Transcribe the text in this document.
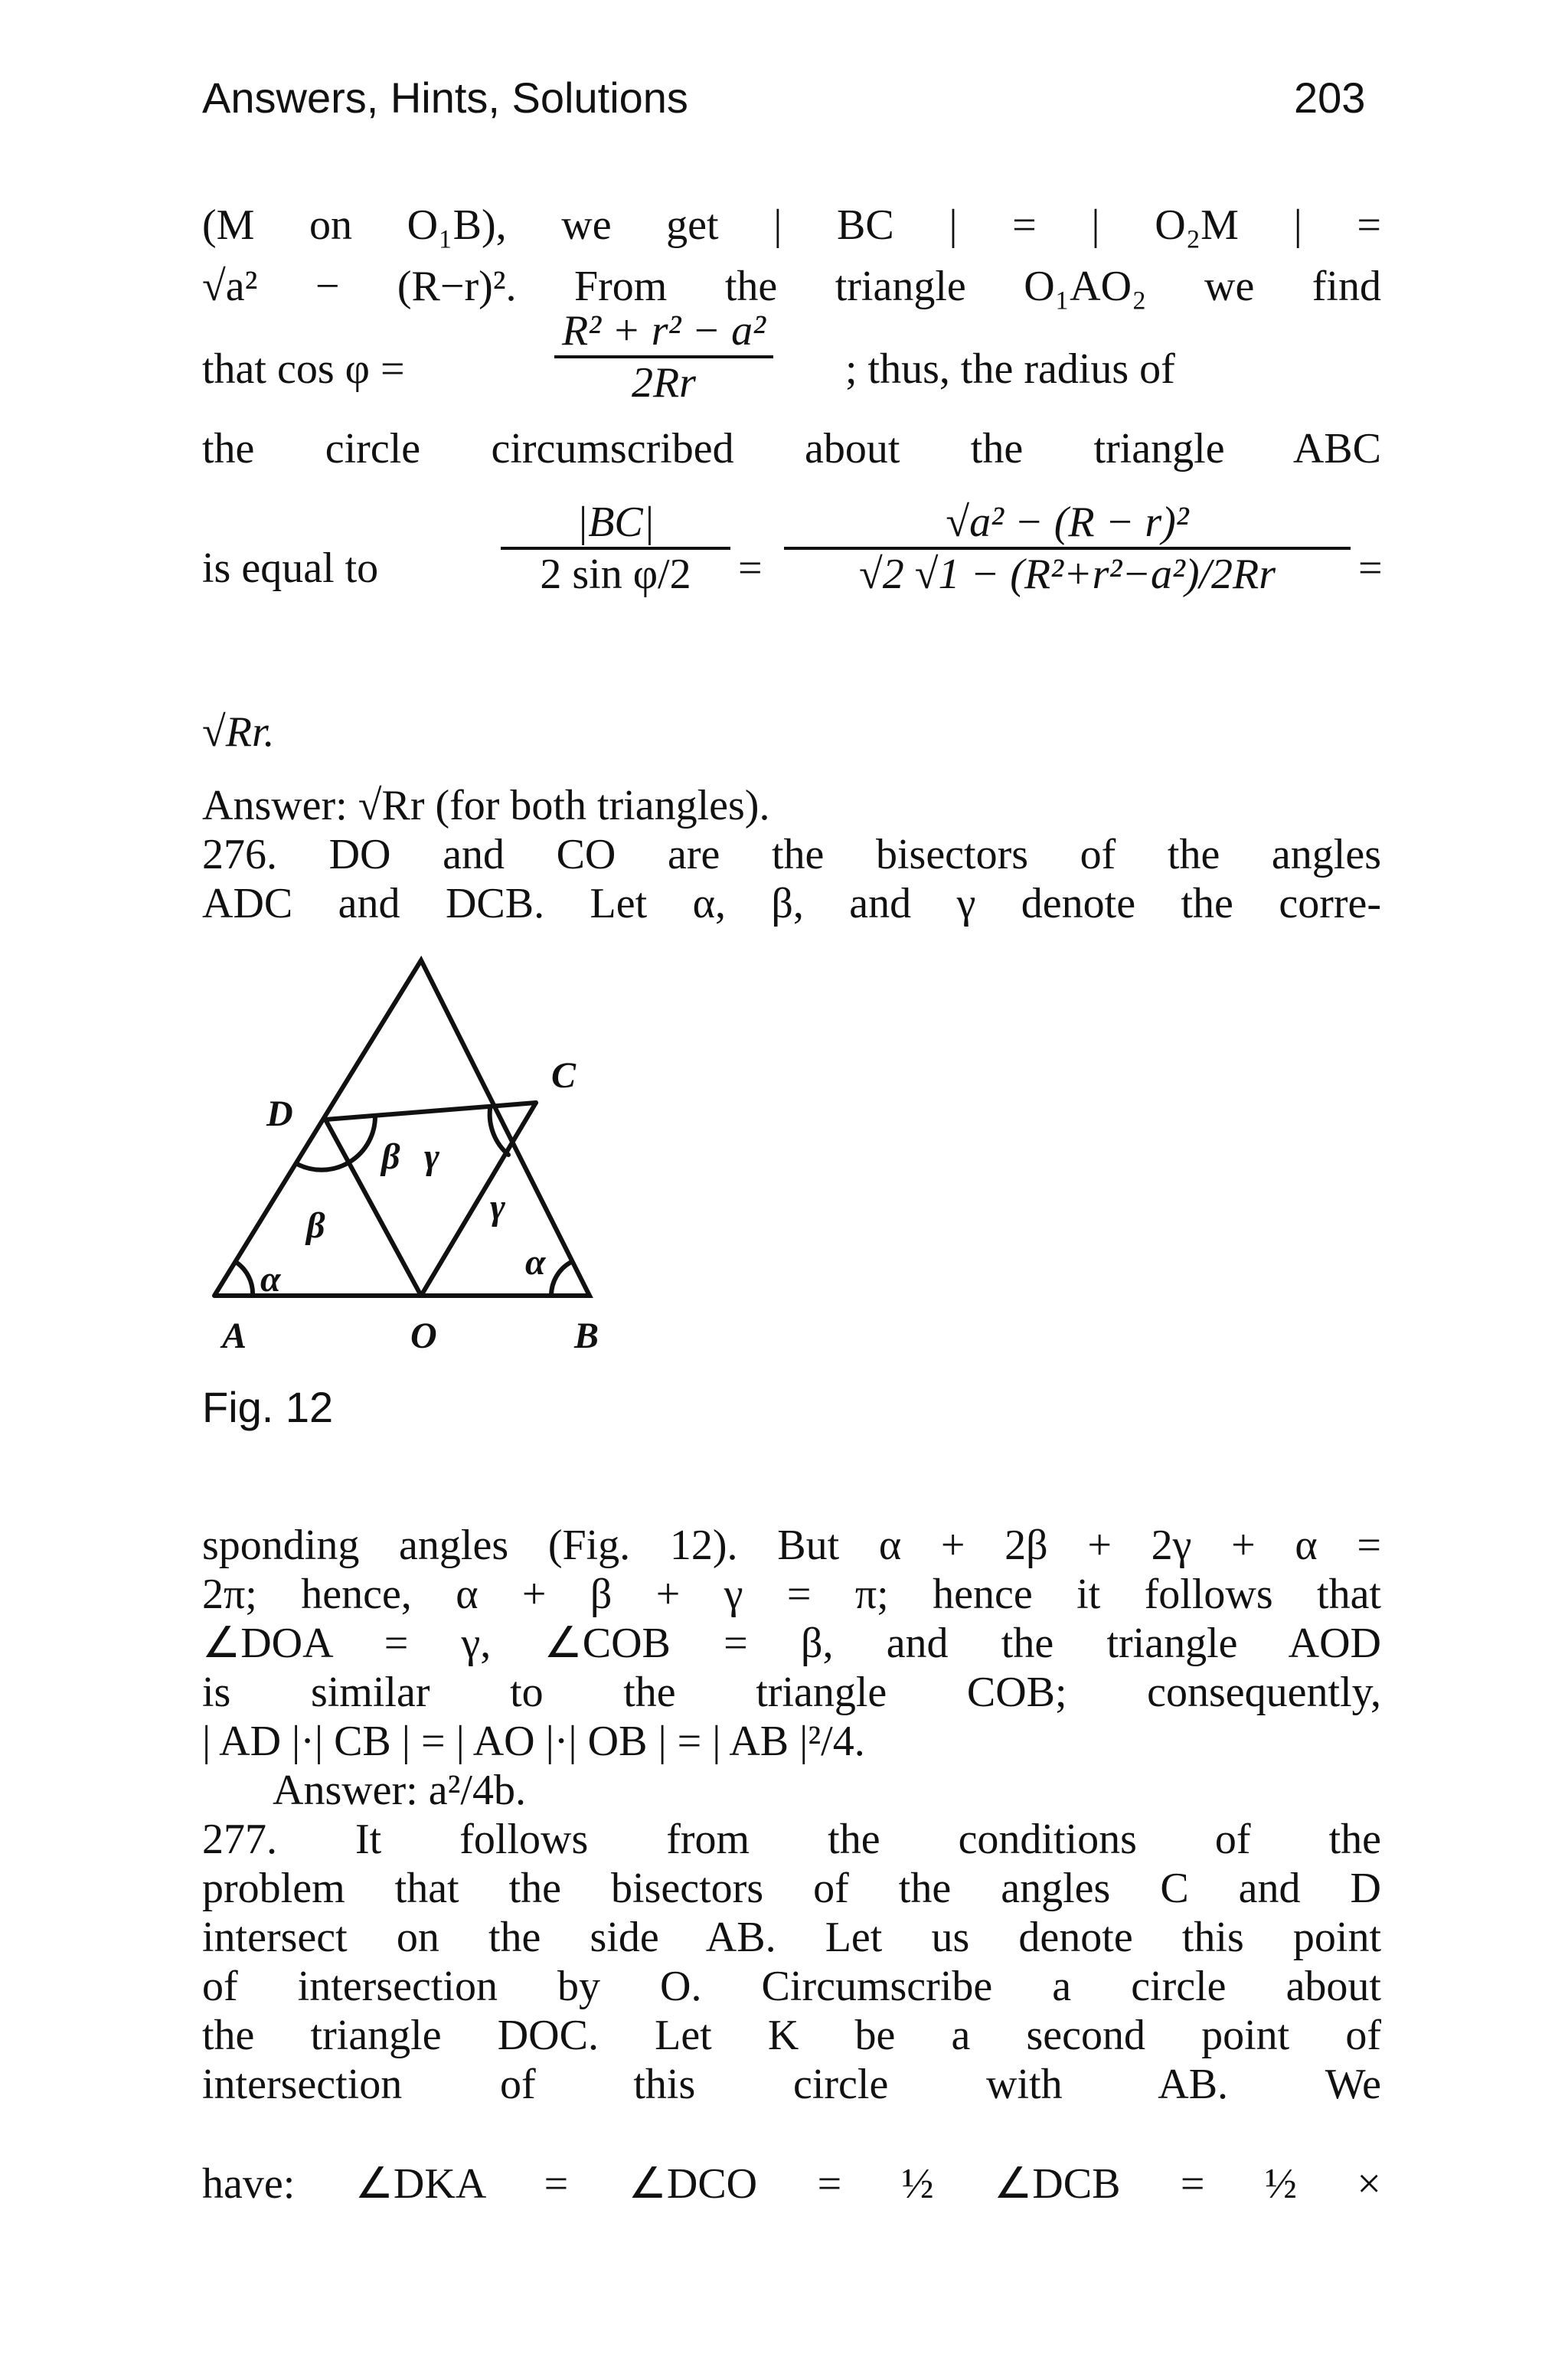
Answers, Hints, Solutions	203
(M on O₁B), we get | BC | = | O₂M | =
√a² − (R−r)². From the triangle O₁AO₂ we find
that cos φ =	$\frac{\text{R² + r² − a²}}{2Rr}$ ; thus, the radius of
the circle circumscribed about the triangle ABC
is equal to	$\frac{|BC|}{\text{2 sin φ/2}} = \frac{\text{√a² − (R − r)²}}{\text{√2 √1 − (R²+r²−a²)/2Rr}}$ =
√Rr.
Answer: √Rr (for both triangles).
276. DO and CO are the bisectors of the angles
ADC and DCB. Let α, β, and γ denote the corre-
D
C
A	O	B
β γ
β	γ
α	α
Fig. 12
sponding angles (Fig. 12). But α + 2β + 2γ + α =
2π; hence, α + β + γ = π; hence it follows that
∠DOA = γ, ∠COB = β, and the triangle AOD
is similar to the triangle COB; consequently,
| AD |·| CB | = | AO |·| OB | = | AB |²/4.
Answer: a²/4b.
277. It follows from the conditions of the
problem that the bisectors of the angles C and D
intersect on the side AB. Let us denote this point
of intersection by O. Circumscribe a circle about
the triangle DOC. Let K be a second point of
intersection of this circle with AB. We
have: ∠DKA = ∠DCO = ½ ∠DCB = ½ ×
